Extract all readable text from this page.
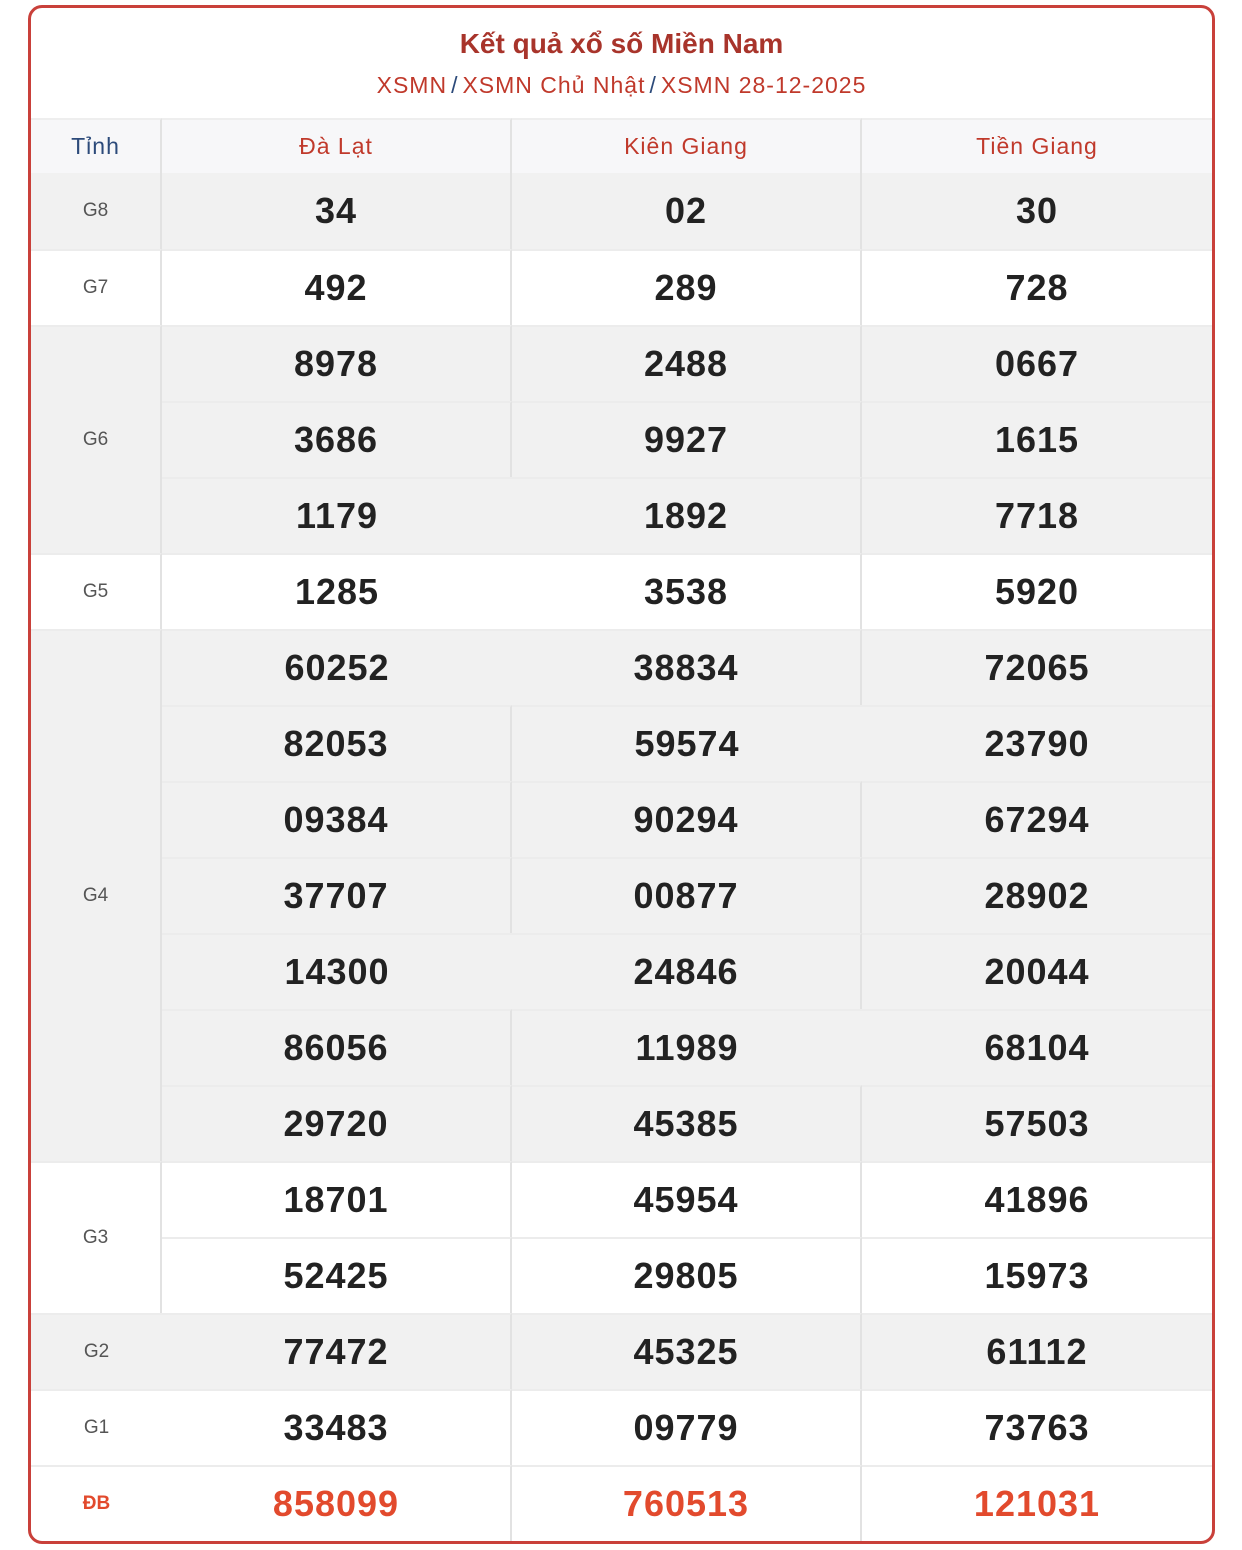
Kết quả xổ số Miền Nam
XSMN / XSMN Chủ Nhật / XSMN 28-12-2025
Tỉnh	Đà Lạt	Kiên Giang	Tiền Giang
G8	34	02	30
G7	492	289	728
G6
8978	2488	0667
3686	9927	1615
1179	1892	7718
G5	1285	3538	5920
G4
60252	38834	72065
82053	59574	23790
09384	90294	67294
37707	00877	28902
14300	24846	20044
86056	11989	68104
29720	45385	57503
G3
18701	45954	41896
52425	29805	15973
G2	77472	45325	61112
G1	33483	09779	73763
ĐB	858099	760513	121031
